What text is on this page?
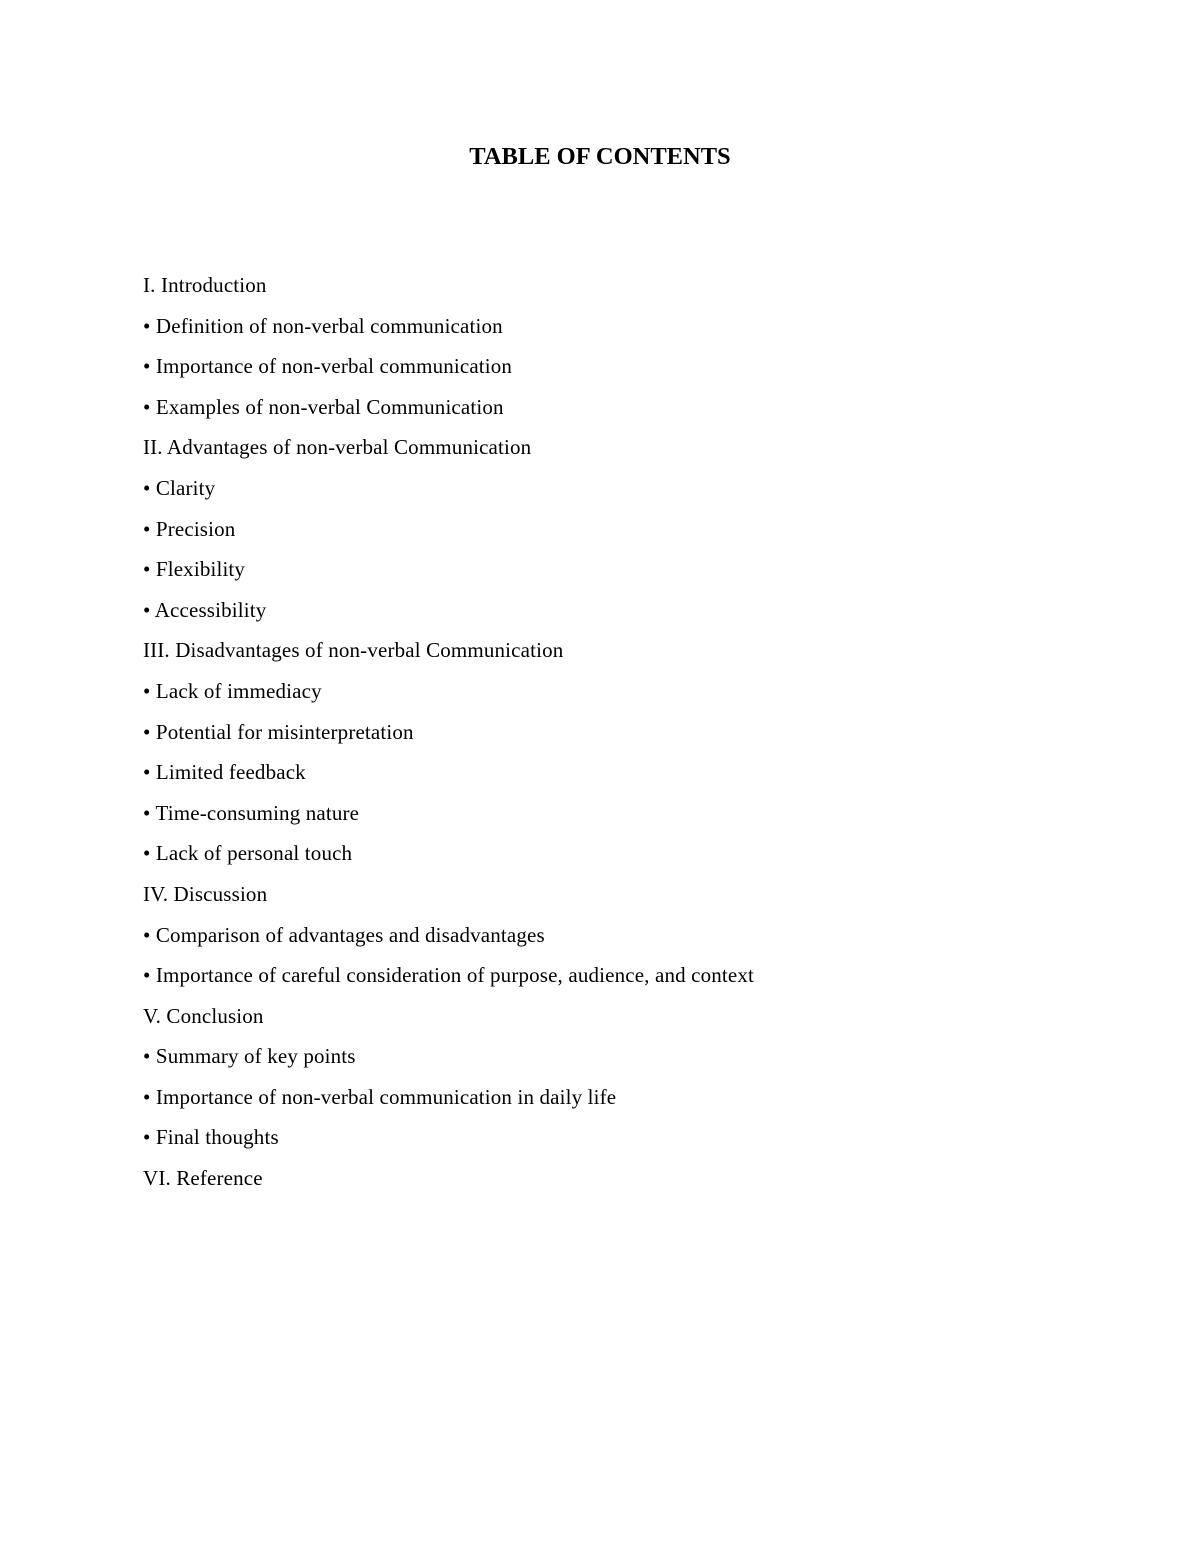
TABLE OF CONTENTS
I. Introduction
• Definition of non-verbal communication
• Importance of non-verbal communication
• Examples of non-verbal Communication
II. Advantages of non-verbal Communication
• Clarity
• Precision
• Flexibility
• Accessibility
III. Disadvantages of non-verbal Communication
• Lack of immediacy
• Potential for misinterpretation
• Limited feedback
• Time-consuming nature
• Lack of personal touch
IV. Discussion
• Comparison of advantages and disadvantages
• Importance of careful consideration of purpose, audience, and context
V. Conclusion
• Summary of key points
• Importance of non-verbal communication in daily life
• Final thoughts
VI. Reference
